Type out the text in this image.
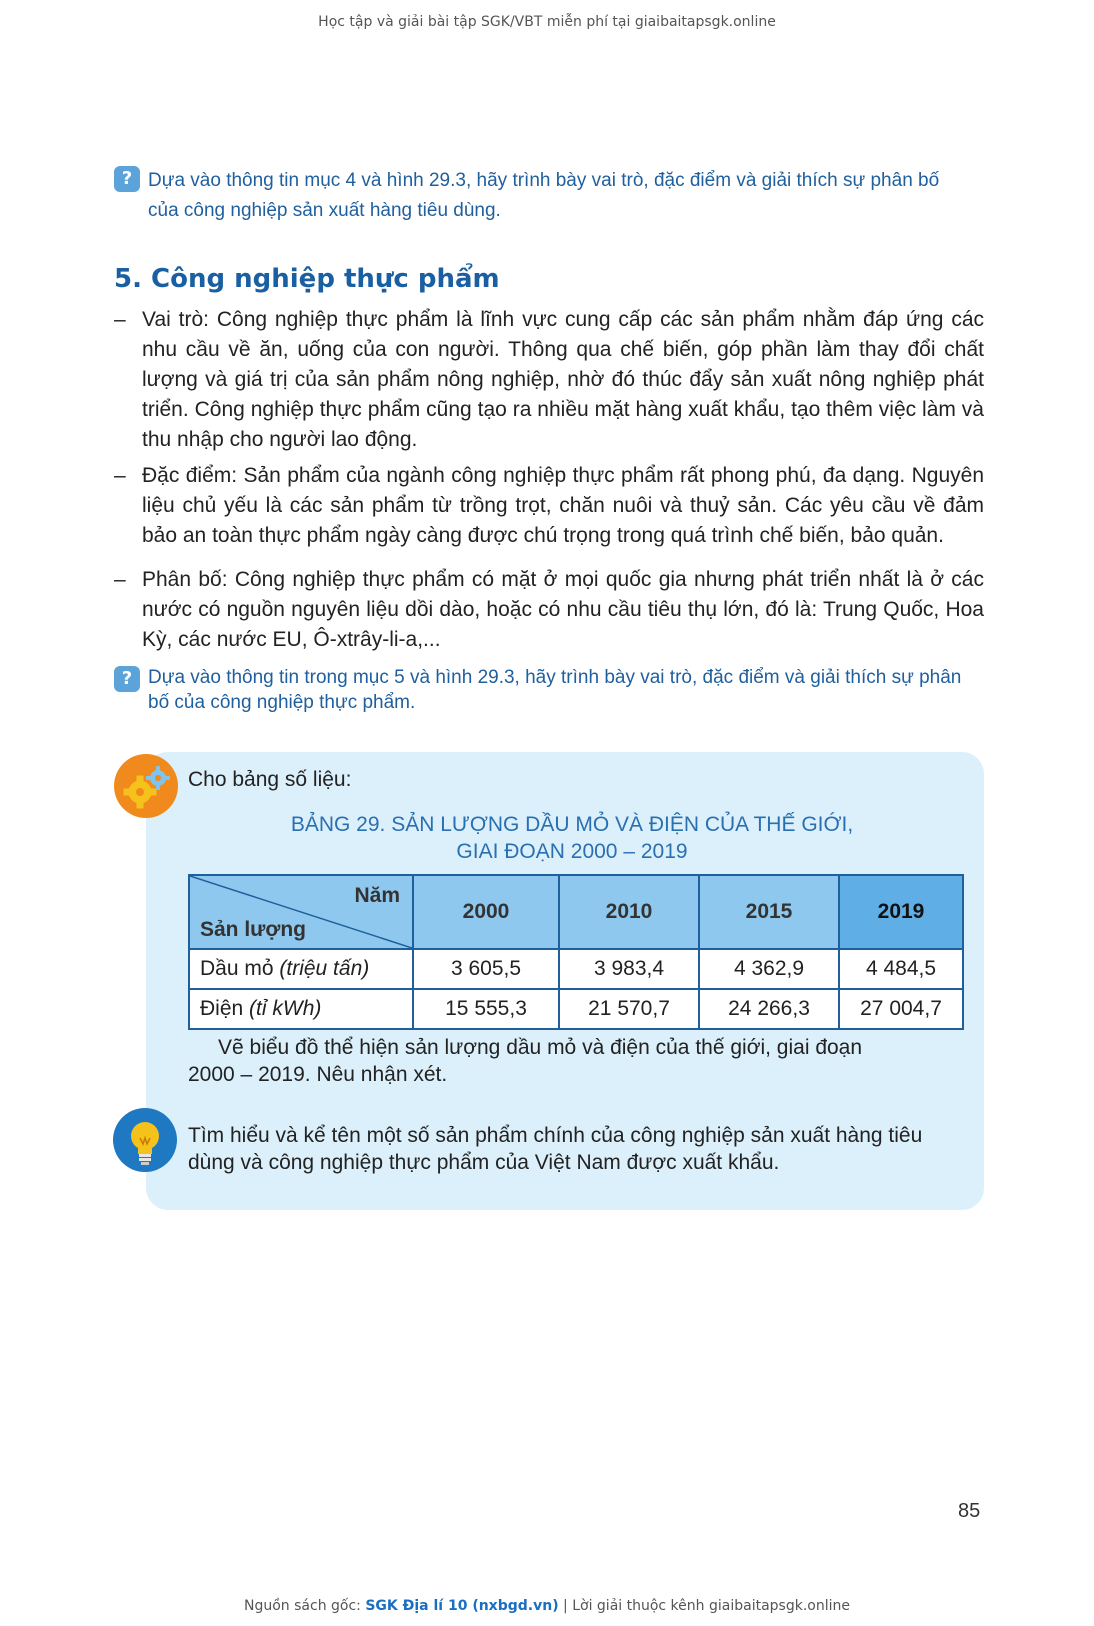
Học tập và giải bài tập SGK/VBT miễn phí tại giaibaitapsgk.online
? Dựa vào thông tin mục 4 và hình 29.3, hãy trình bày vai trò, đặc điểm và giải thích sự phân bố
của công nghiệp sản xuất hàng tiêu dùng.
5. Công nghiệp thực phẩm
– Vai trò: Công nghiệp thực phẩm là lĩnh vực cung cấp các sản phẩm nhằm đáp ứng các nhu cầu về ăn, uống của con người. Thông qua chế biến, góp phần làm thay đổi chất lượng và giá trị của sản phẩm nông nghiệp, nhờ đó thúc đẩy sản xuất nông nghiệp phát triển. Công nghiệp thực phẩm cũng tạo ra nhiều mặt hàng xuất khẩu, tạo thêm việc làm và thu nhập cho người lao động.
– Đặc điểm: Sản phẩm của ngành công nghiệp thực phẩm rất phong phú, đa dạng. Nguyên liệu chủ yếu là các sản phẩm từ trồng trọt, chăn nuôi và thuỷ sản. Các yêu cầu về đảm bảo an toàn thực phẩm ngày càng được chú trọng trong quá trình chế biến, bảo quản.
– Phân bố: Công nghiệp thực phẩm có mặt ở mọi quốc gia nhưng phát triển nhất là ở các nước có nguồn nguyên liệu dồi dào, hoặc có nhu cầu tiêu thụ lớn, đó là: Trung Quốc, Hoa Kỳ, các nước EU, Ô-xtrây-li-a,...
? Dựa vào thông tin trong mục 5 và hình 29.3, hãy trình bày vai trò, đặc điểm và giải thích sự phân
bố của công nghiệp thực phẩm.
Cho bảng số liệu:
BẢNG 29. SẢN LƯỢNG DẦU MỎ VÀ ĐIỆN CỦA THẾ GIỚI,
GIAI ĐOẠN 2000 – 2019
Năm
Sản lượng	2000	2010	2015	2019
Dầu mỏ (triệu tấn)	3 605,5	3 983,4	4 362,9	4 484,5
Điện (tỉ kWh)	15 555,3	21 570,7	24 266,3	27 004,7
Vẽ biểu đồ thể hiện sản lượng dầu mỏ và điện của thế giới, giai đoạn
2000 – 2019. Nêu nhận xét.
Tìm hiểu và kể tên một số sản phẩm chính của công nghiệp sản xuất hàng tiêu
dùng và công nghiệp thực phẩm của Việt Nam được xuất khẩu.
85
Nguồn sách gốc: SGK Địa lí 10 (nxbgd.vn) | Lời giải thuộc kênh giaibaitapsgk.online
